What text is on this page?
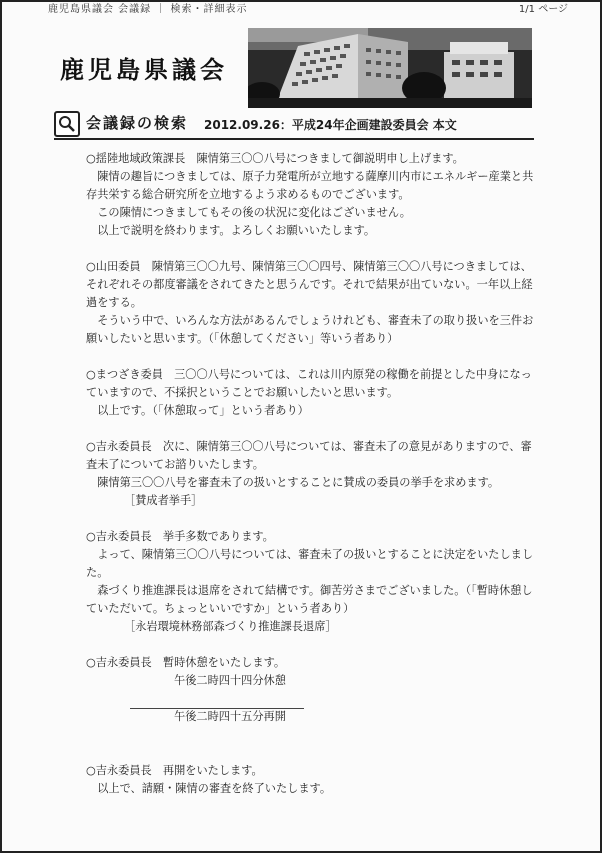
鹿児島県議会 会議録 ｜ 検索・詳細表示	1/1 ページ
鹿児島県議会
会議録の検索 2012.09.26：平成24年企画建設委員会 本文
○揺陸地域政策課長　陳情第三〇〇八号につきまして御説明申し上げます。
　陳情の趣旨につきましては、原子力発電所が立地する薩摩川内市にエネルギー産業と共
存共栄する総合研究所を立地するよう求めるものでございます。
　この陳情につきましてもその後の状況に変化はございません。
　以上で説明を終わります。よろしくお願いいたします。
○山田委員　陳情第三〇〇九号、陳情第三〇〇四号、陳情第三〇〇八号につきましては、
それぞれその都度審議をされてきたと思うんです。それで結果が出ていない。一年以上経
過をする。
　そういう中で、いろんな方法があるんでしょうけれども、審査未了の取り扱いを三件お
願いしたいと思います。（「休憩してください」等いう者あり）
○まつざき委員　三〇〇八号については、これは川内原発の稼働を前提とした中身になっ
ていますので、不採択ということでお願いしたいと思います。
　以上です。（「休憩取って」という者あり）
○吉永委員長　次に、陳情第三〇〇八号については、審査未了の意見がありますので、審
査未了についてお諮りいたします。
　陳情第三〇〇八号を審査未了の扱いとすることに賛成の委員の挙手を求めます。
［賛成者挙手］
○吉永委員長　挙手多数であります。
　よって、陳情第三〇〇八号については、審査未了の扱いとすることに決定をいたしまし
た。
　森づくり推進課長は退席をされて結構です。御苦労さまでございました。（「暫時休憩し
ていただいて。ちょっといいですか」という者あり）
［永岩環境林務部森づくり推進課長退席］
○吉永委員長　暫時休憩をいたします。
午後二時四十四分休憩
午後二時四十五分再開
○吉永委員長　再開をいたします。
　以上で、請願・陳情の審査を終了いたします。
